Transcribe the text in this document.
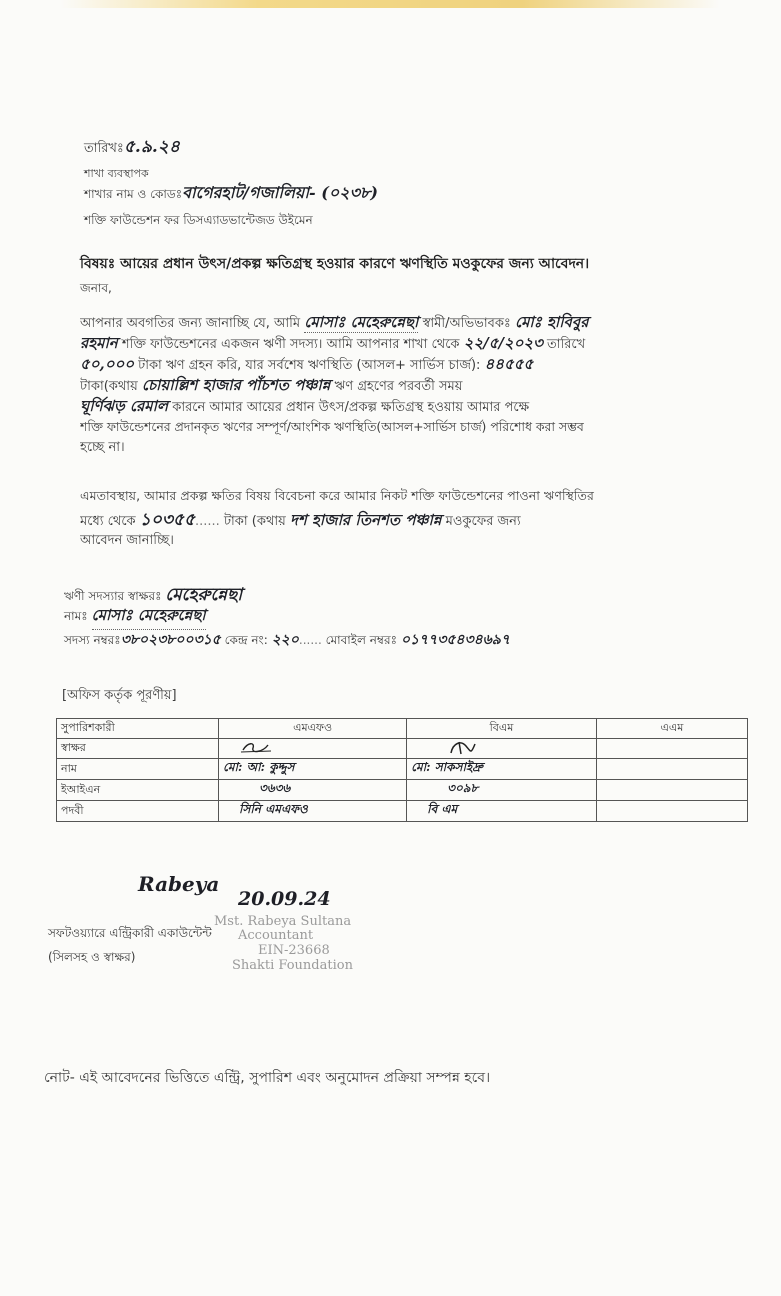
তারিখঃ৫.৯.২৪
শাখা ব্যবস্থাপক
শাখার নাম ও কোডঃবাগেরহাট/গজালিয়া- (০২৩৮)
শক্তি ফাউন্ডেশন ফর ডিসএ্যাডভান্টেজড উইমেন
বিষয়ঃ আয়ের প্রধান উৎস/প্রকল্প ক্ষতিগ্রস্থ হওয়ার কারণে ঋণস্থিতি মওকুফের জন্য আবেদন।
জনাব,
আপনার অবগতির জন্য জানাচ্ছি যে, আমি মোসাঃ মেহেরুন্নেছা স্বামী/অভিভাবকঃ মোঃ হাবিবুর
রহমান শক্তি ফাউন্ডেশনের একজন ঋণী সদস্য। আমি আপনার শাখা থেকে ২২/৫/২০২৩ তারিখে
৫০,০০০ টাকা ঋণ গ্রহন করি, যার সর্বশেষ ঋণস্থিতি (আসল+ সার্ভিস চার্জ): ৪৪৫৫৫
টাকা(কথায় চোয়াল্লিশ হাজার পাঁচশত পঞ্চান্ন ঋণ গ্রহণের পরবর্তী সময়
ঘূর্ণিঝড় রেমাল কারনে আমার আয়ের প্রধান উৎস/প্রকল্প ক্ষতিগ্রস্থ হওয়ায় আমার পক্ষে
শক্তি ফাউন্ডেশনের প্রদানকৃত ঋণের সম্পূর্ণ/আংশিক ঋণস্থিতি(আসল+সার্ভিস চার্জ) পরিশোধ করা সম্ভব
হচ্ছে না।
এমতাবস্থায়, আমার প্রকল্প ক্ষতির বিষয় বিবেচনা করে আমার নিকট শক্তি ফাউন্ডেশনের পাওনা ঋণস্থিতির
মধ্যে থেকে ১০৩৫৫...... টাকা (কথায় দশ হাজার তিনশত পঞ্চান্ন মওকুফের জন্য
আবেদন জানাচ্ছি।
ঋণী সদস্যার স্বাক্ষরঃ মেহেরুন্নেছা
নামঃ মোসাঃ মেহেরুন্নেছা
সদস্য নম্বরঃ৩৮০২৩৮০০৩১৫ কেন্দ্র নং: ২২০...... মোবাইল নম্বরঃ ০১৭৭৩৫৪৩৪৬৯৭
[অফিস কর্তৃক পূরণীয়]
সুপারিশকারী	এমএফও	বিএম	এএম
স্বাক্ষর			
নাম	মো: আ: কুদ্দুস	মো: সাকসাইদ্রু	
ইআইএন	৩৬৩৬	৩০৯৮	
পদবী	সিনি এমএফও	বি এম	
Rabeya
20.09.24
Mst. Rabeya Sultana
Accountant
EIN-23668
Shakti Foundation
সফটওয়্যারে এন্ট্রিকারী একাউন্টেন্ট
(সিলসহ ও স্বাক্ষর)
নোট- এই আবেদনের ভিত্তিতে এন্ট্রি, সুপারিশ এবং অনুমোদন প্রক্রিয়া সম্পন্ন হবে।
